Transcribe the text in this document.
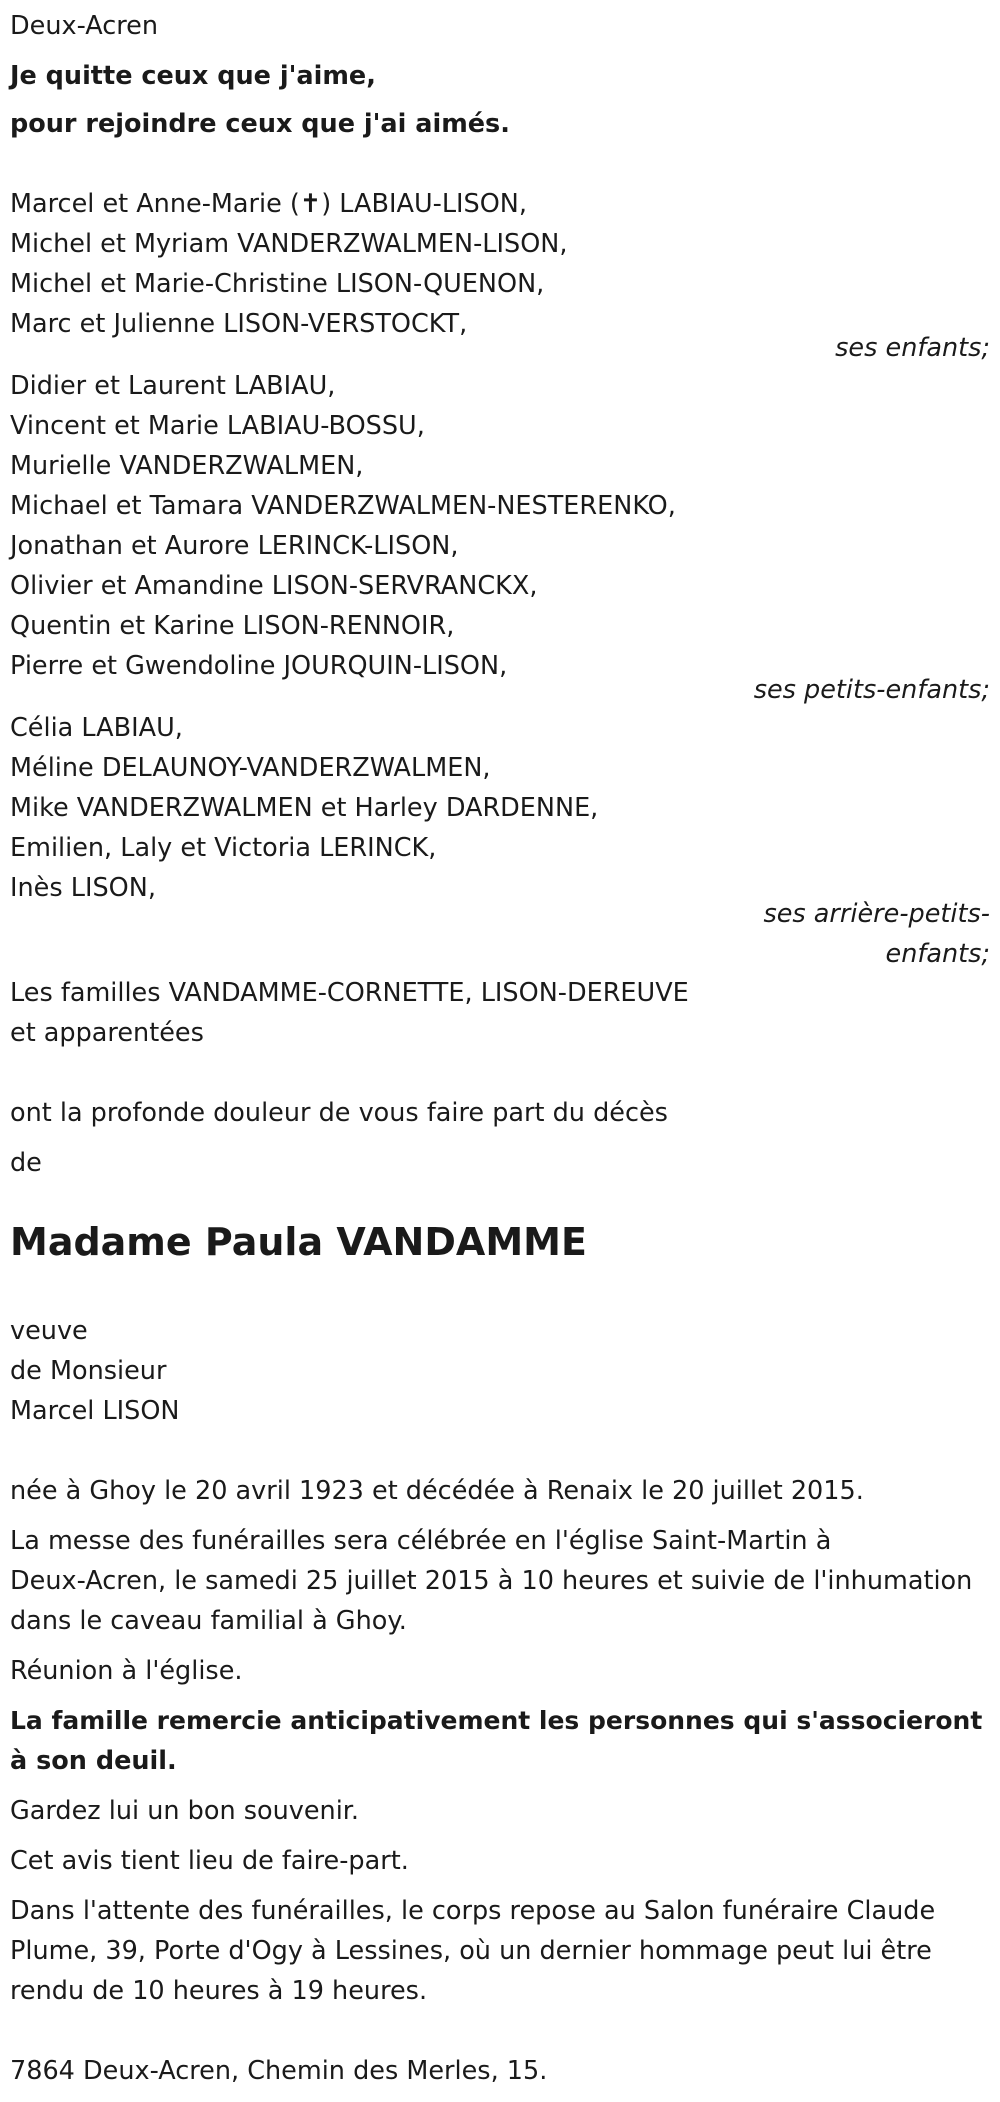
Deux-Acren

Je quitte ceux que j'aime,

pour rejoindre ceux que j'ai aimés.

Marcel et Anne-Marie (✝) LABIAU-LISON,
Michel et Myriam VANDERZWALMEN-LISON,
Michel et Marie-Christine LISON-QUENON,
Marc et Julienne LISON-VERSTOCKT,
ses enfants;
Didier et Laurent LABIAU,
Vincent et Marie LABIAU-BOSSU,
Murielle VANDERZWALMEN,
Michael et Tamara VANDERZWALMEN-NESTERENKO,
Jonathan et Aurore LERINCK-LISON,
Olivier et Amandine LISON-SERVRANCKX,
Quentin et Karine LISON-RENNOIR,
Pierre et Gwendoline JOURQUIN-LISON,
ses petits-enfants;
Célia LABIAU,
Méline DELAUNOY-VANDERZWALMEN,
Mike VANDERZWALMEN et Harley DARDENNE,
Emilien, Laly et Victoria LERINCK,
Inès LISON,
ses arrière-petits-
enfants;

Les familles VANDAMME-CORNETTE, LISON-DEREUVE

et apparentées

ont la profonde douleur de vous faire part du décès

de

Madame Paula VANDAMME

veuve

de Monsieur

Marcel LISON

née à Ghoy le 20 avril 1923 et décédée à Renaix le 20 juillet 2015.

La messe des funérailles sera célébrée en l'église Saint-Martin à

Deux-Acren, le samedi 25 juillet 2015 à 10 heures et suivie de l'inhumation

dans le caveau familial à Ghoy.

Réunion à l'église.

La famille remercie anticipativement les personnes qui s'associeront

à son deuil.

Gardez lui un bon souvenir.

Cet avis tient lieu de faire-part.

Dans l'attente des funérailles, le corps repose au Salon funéraire Claude

Plume, 39, Porte d'Ogy à Lessines, où un dernier hommage peut lui être

rendu de 10 heures à 19 heures.

7864 Deux-Acren, Chemin des Merles, 15.
